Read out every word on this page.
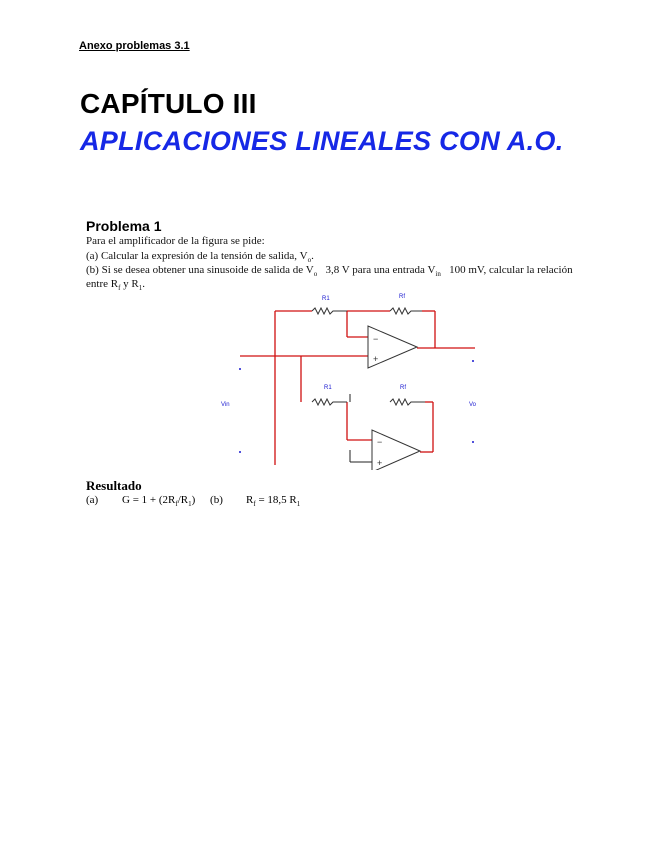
Anexo problemas 3.1
CAPÍTULO III
APLICACIONES LINEALES CON A.O.
Problema 1
Para el amplificador de la figura se pide:
(a) Calcular la expresión de la tensión de salida, $V_o$.
(b) Si se desea obtener una sinusoide de salida de $V_o$   3,8 V para una entrada $V_{in}$   100 mV, calcular la relación
entre $R_f$ y $R_1$.
−
+
−
+
R1	Rf
R1	Rf
Vin	Vo
Resultado
(a) $G = 1 + (2R_f/R_1)$ (b) $R_f = 18,5$ $R_1$
